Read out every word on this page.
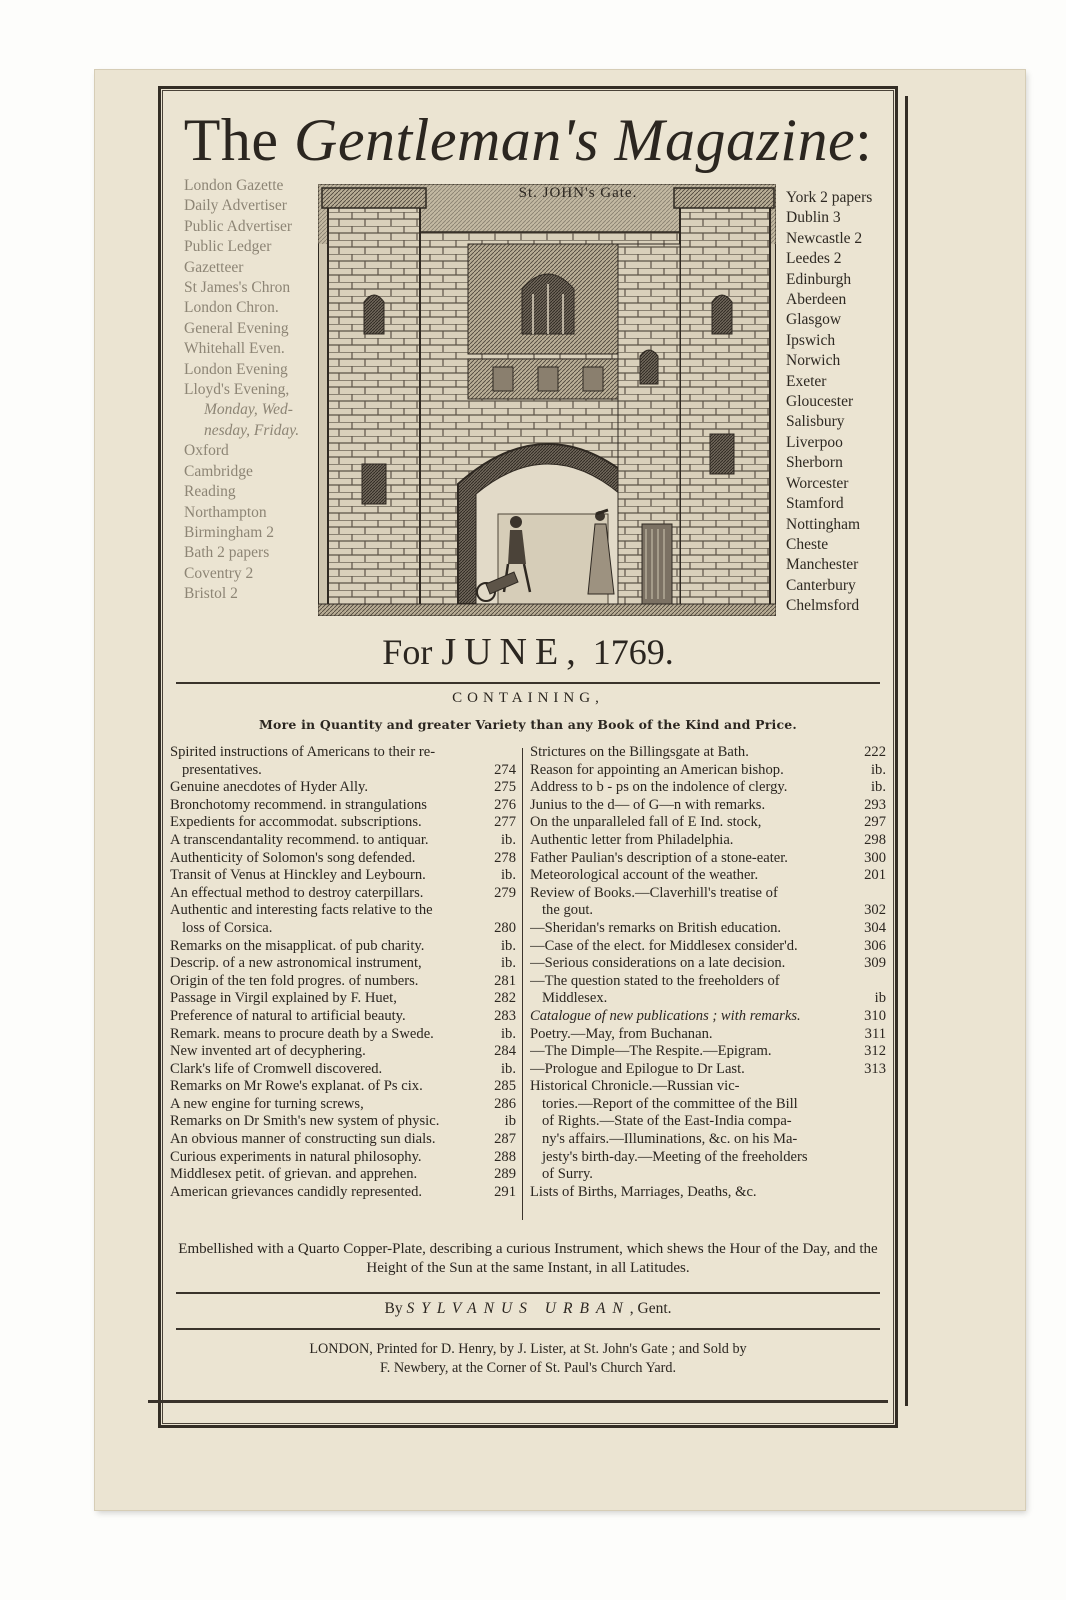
The Gentleman's Magazine:
London Gazette
Daily Advertiser
Public Advertiser
Public Ledger
Gazetteer
St James's Chron
London Chron.
General Evening
Whitehall Even.
London Evening
Lloyd's Evening,
Monday, Wed-
nesday, Friday.
Oxford
Cambridge
Reading
Northampton
Birmingham 2
Bath 2 papers
Coventry 2
Bristol 2
York 2 papers
Dublin 3
Newcastle 2
Leedes 2
Edinburgh
Aberdeen
Glasgow
Ipswich
Norwich
Exeter
Gloucester
Salisbury
Liverpoo
Sherborn
Worcester
Stamford
Nottingham
Cheste
Manchester
Canterbury
Chelmsford
St. JOHN's Gate.
For JUNE, 1769.
CONTAINING,
More in Quantity and greater Variety than any Book of the Kind and Price.
Spirited instructions of Americans to their re-
presentatives.	274
Genuine anecdotes of Hyder Ally.	275
Bronchotomy recommend. in strangulations	276
Expedients for accommodat. subscriptions.	277
A transcendantality recommend. to antiquar.	ib.
Authenticity of Solomon's song defended.	278
Transit of Venus at Hinckley and Leybourn.	ib.
An effectual method to destroy caterpillars.	279
Authentic and interesting facts relative to the
loss of Corsica.	280
Remarks on the misapplicat. of pub charity.	ib.
Descrip. of a new astronomical instrument,	ib.
Origin of the ten fold progres. of numbers.	281
Passage in Virgil explained by F. Huet,	282
Preference of natural to artificial beauty.	283
Remark. means to procure death by a Swede.	ib.
New invented art of decyphering.	284
Clark's life of Cromwell discovered.	ib.
Remarks on Mr Rowe's explanat. of Ps cix.	285
A new engine for turning screws,	286
Remarks on Dr Smith's new system of physic.	ib
An obvious manner of constructing sun dials.	287
Curious experiments in natural philosophy.	288
Middlesex petit. of grievan. and apprehen.	289
American grievances candidly represented.	291
Strictures on the Billingsgate at Bath.	222
Reason for appointing an American bishop.	ib.
Address to b - ps on the indolence of clergy.	ib.
Junius to the d— of G—n with remarks.	293
On the unparalleled fall of E Ind. stock,	297
Authentic letter from Philadelphia.	298
Father Paulian's description of a stone-eater.	300
Meteorological account of the weather.	201
Review of Books.—Claverhill's treatise of
the gout.	302
—Sheridan's remarks on British education.	304
—Case of the elect. for Middlesex consider'd.	306
—Serious considerations on a late decision.	309
—The question stated to the freeholders of
Middlesex.	ib
Catalogue of new publications ; with remarks.	310
Poetry.—May, from Buchanan.	311
—The Dimple—The Respite.—Epigram.	312
—Prologue and Epilogue to Dr Last.	313
Historical Chronicle.—Russian vic-
tories.—Report of the committee of the Bill
of Rights.—State of the East-India compa-
ny's affairs.—Illuminations, &c. on his Ma-
jesty's birth-day.—Meeting of the freeholders
of Surry.
Lists of Births, Marriages, Deaths, &c.
Embellished with a Quarto Copper-Plate, describing a curious Instrument, which shews the Hour of the Day, and the Height of the Sun at the same Instant, in all Latitudes.
By SYLVANUS URBAN, Gent.
LONDON, Printed for D. Henry, by J. Lister, at St. John's Gate ; and Sold by
F. Newbery, at the Corner of St. Paul's Church Yard.
